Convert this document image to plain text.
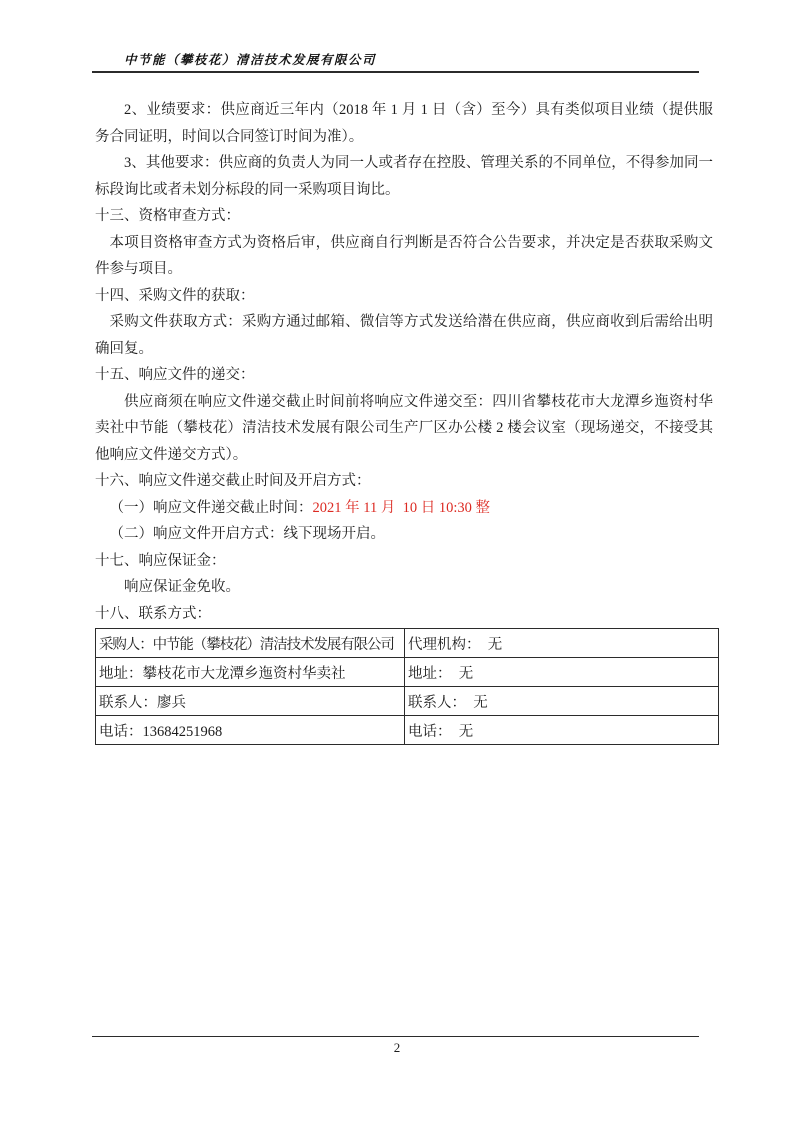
中节能（攀枝花）清洁技术发展有限公司

2、业绩要求：供应商近三年内（2018 年 1 月 1 日（含）至今）具有类似项目业绩（提供服务合同证明，时间以合同签订时间为准）。

3、其他要求：供应商的负责人为同一人或者存在控股、管理关系的不同单位，不得参加同一标段询比或者未划分标段的同一采购项目询比。

十三、资格审查方式：

本项目资格审查方式为资格后审，供应商自行判断是否符合公告要求，并决定是否获取采购文件参与项目。

十四、采购文件的获取：

采购文件获取方式：采购方通过邮箱、微信等方式发送给潜在供应商，供应商收到后需给出明确回复。

十五、响应文件的递交：

供应商须在响应文件递交截止时间前将响应文件递交至：四川省攀枝花市大龙潭乡迤资村华卖社中节能（攀枝花）清洁技术发展有限公司生产厂区办公楼 2 楼会议室（现场递交，不接受其他响应文件递交方式）。

十六、响应文件递交截止时间及开启方式：

（一）响应文件递交截止时间：2021 年 11 月  10 日 10:30 整

（二）响应文件开启方式：线下现场开启。

十七、响应保证金：

响应保证金免收。

十八、联系方式：

采购人：中节能（攀枝花）清洁技术发展有限公司	代理机构：  无
地址：攀枝花市大龙潭乡迤资村华卖社	地址：  无
联系人：廖兵	联系人：  无
电话：13684251968	电话：  无
2
